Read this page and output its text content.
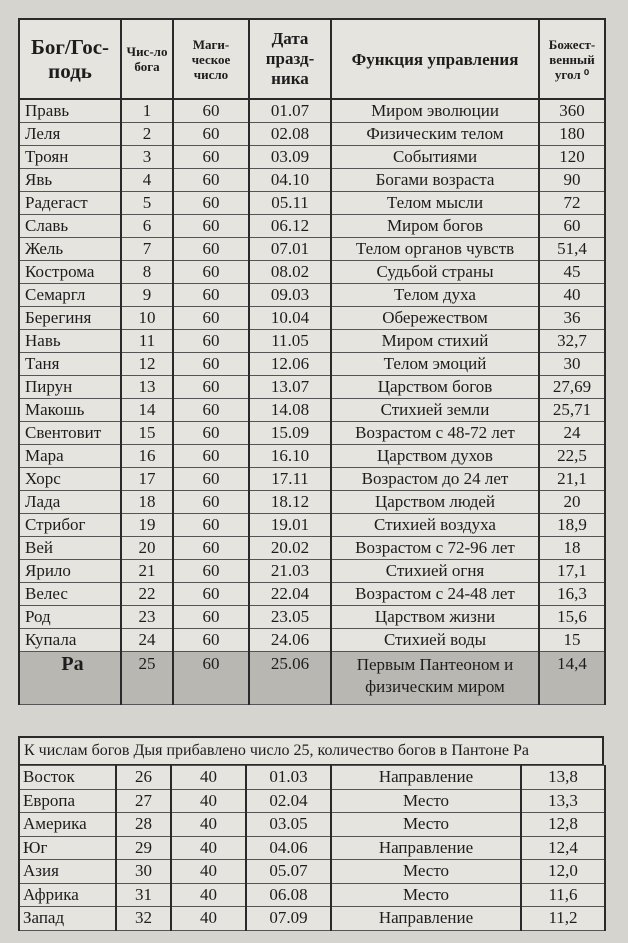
Бог/Гос-подь	Чис-ло бога	Маги-ческое число	Дата празд-ника	Функция управления	Божест-венный угол ⁰
Правь	1	60	01.07	Миром эволюции	360
Леля	2	60	02.08	Физическим телом	180
Троян	3	60	03.09	Событиями	120
Явь	4	60	04.10	Богами возраста	90
Радегаст	5	60	05.11	Телом мысли	72
Славь	6	60	06.12	Миром богов	60
Жель	7	60	07.01	Телом органов чувств	51,4
Кострома	8	60	08.02	Судьбой страны	45
Семаргл	9	60	09.03	Телом духа	40
Берегиня	10	60	10.04	Обережеством	36
Навь	11	60	11.05	Миром стихий	32,7
Таня	12	60	12.06	Телом эмоций	30
Пирун	13	60	13.07	Царством богов	27,69
Макошь	14	60	14.08	Стихией земли	25,71
Свентовит	15	60	15.09	Возрастом с 48-72 лет	24
Мара	16	60	16.10	Царством духов	22,5
Хорс	17	60	17.11	Возрастом до 24 лет	21,1
Лада	18	60	18.12	Царством людей	20
Стрибог	19	60	19.01	Стихией воздуха	18,9
Вей	20	60	20.02	Возрастом с 72-96 лет	18
Ярило	21	60	21.03	Стихией огня	17,1
Велес	22	60	22.04	Возрастом с 24-48 лет	16,3
Род	23	60	23.05	Царством жизни	15,6
Купала	24	60	24.06	Стихией воды	15
Ра	25	60	25.06	Первым Пантеоном и физическим миром	14,4
К числам богов Дыя прибавлено число 25, количество богов в Пантоне Ра
Восток	26	40	01.03	Направление	13,8
Европа	27	40	02.04	Место	13,3
Америка	28	40	03.05	Место	12,8
Юг	29	40	04.06	Направление	12,4
Азия	30	40	05.07	Место	12,0
Африка	31	40	06.08	Место	11,6
Запад	32	40	07.09	Направление	11,2
